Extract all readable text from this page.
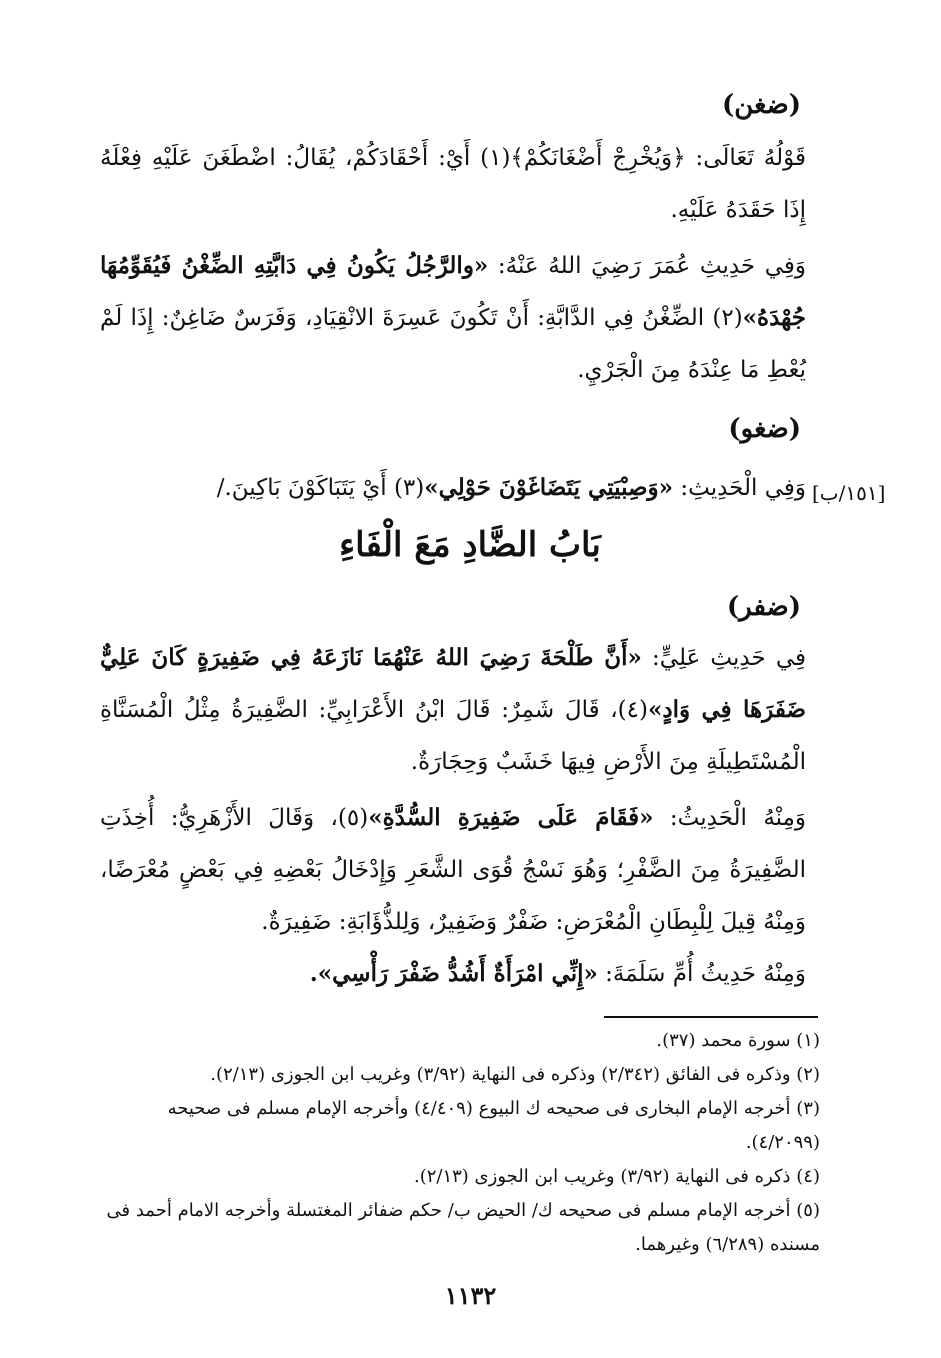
(ضغن)
قَوْلُهُ تَعَالَى: ﴿وَيُخْرِجْ أَضْغَانَكُمْ﴾(١) أَيْ: أَحْقَادَكُمْ، يُقَالُ: اضْطَغَنَ عَلَيْهِ فِعْلَهُ إِذَا حَقَدَهُ عَلَيْهِ.
وَفِي حَدِيثِ عُمَرَ رَضِيَ اللهُ عَنْهُ: «والرَّجُلُ يَكُونُ فِي دَابَّتِهِ الضِّغْنُ فَيُقَوِّمُهَا جُهْدَهُ»(٢) الضِّغْنُ فِي الدَّابَّةِ: أَنْ تَكُونَ عَسِرَةَ الانْقِيَادِ، وَفَرَسٌ ضَاغِنٌ: إِذَا لَمْ يُعْطِ مَا عِنْدَهُ مِنَ الْجَرْيِ.
(ضغو)
وَفِي الْحَدِيثِ: «وَصِبْيَتِي يَتَضَاغَوْنَ حَوْلِي»(٣) أَيْ يَتَبَاكَوْنَ بَاكِينَ./	[١٥١/ب]
بَابُ الضَّادِ مَعَ الْفَاءِ
(ضفر)
فِي حَدِيثِ عَلِيٍّ: «أَنَّ طَلْحَةَ رَضِيَ اللهُ عَنْهُمَا نَازَعَهُ فِي ضَفِيرَةٍ كَانَ عَلِيٌّ ضَفَرَهَا فِي وَادٍ»(٤)، قَالَ شَمِرٌ: قَالَ ابْنُ الأَعْرَابِيِّ: الضَّفِيرَةُ مِثْلُ الْمُسَنَّاةِ الْمُسْتَطِيلَةِ مِنَ الأَرْضِ فِيهَا خَشَبٌ وَحِجَارَةٌ.
وَمِنْهُ الْحَدِيثُ: «فَقَامَ عَلَى ضَفِيرَةِ السُّدَّةِ»(٥)، وَقَالَ الأَزْهَرِيُّ: أُخِذَتِ الضَّفِيرَةُ مِنَ الضَّفْرِ؛ وَهُوَ نَسْجُ قُوَى الشَّعَرِ وَإِدْخَالُ بَعْضِهِ فِي بَعْضٍ مُعْرَضًا، وَمِنْهُ قِيلَ لِلْبِطَانِ الْمُعْرَضِ: ضَفْرٌ وَضَفِيرٌ، وَلِلذُّؤَابَةِ: ضَفِيرَةٌ.
وَمِنْهُ حَدِيثُ أُمِّ سَلَمَةَ: «إِنِّي امْرَأَةٌ أَشُدُّ ضَفْرَ رَأْسِي».
(١) سورة محمد (٣٧).
(٢) وذكره فى الفائق (٢/٣٤٢) وذكره فى النهاية (٣/٩٢) وغريب ابن الجوزى (٢/١٣).
(٣) أخرجه الإمام البخارى فى صحيحه ك البيوع (٤/٤٠٩) وأخرجه الإمام مسلم فى صحيحه (٤/٢٠٩٩).
(٤) ذكره فى النهاية (٣/٩٢) وغريب ابن الجوزى (٢/١٣).
(٥) أخرجه الإمام مسلم فى صحيحه ك/ الحيض ب/ حكم ضفائر المغتسلة وأخرجه الامام أحمد فى مسنده (٦/٢٨٩) وغيرهما.
١١٣٢
